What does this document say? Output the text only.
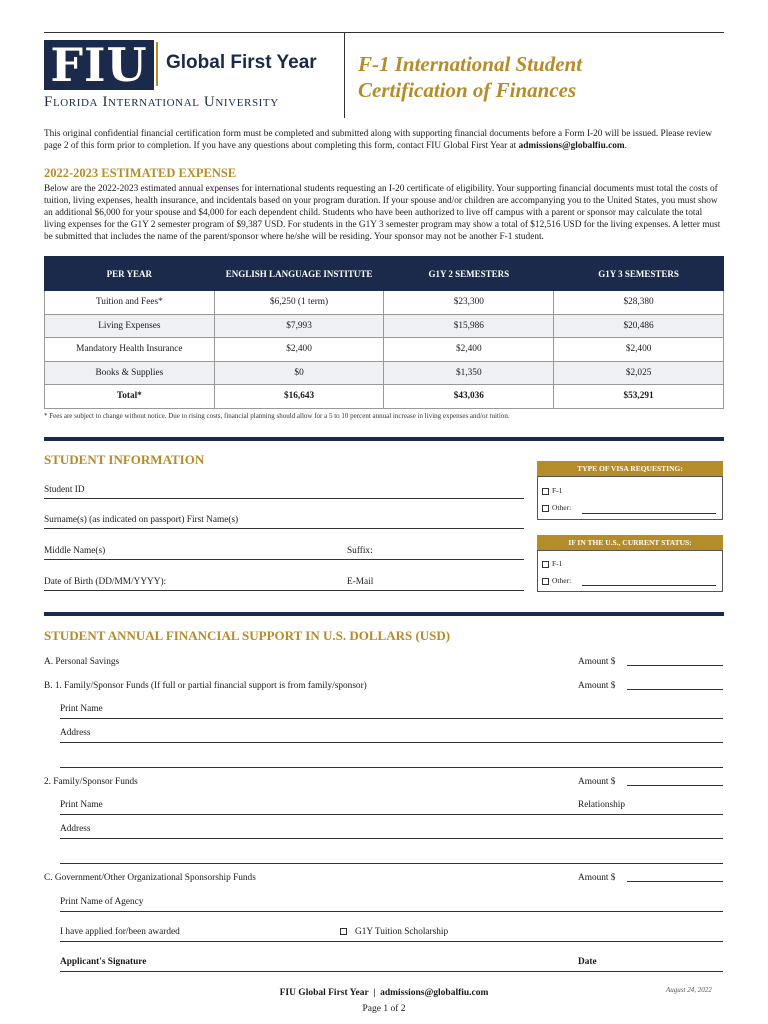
FIU Global First Year
Florida International University
F-1 International Student
Certification of Finances
This original confidential financial certification form must be completed and submitted along with supporting financial documents before a Form I-20 will be issued. Please review page 2 of this form prior to completion. If you have any questions about completing this form, contact FIU Global First Year at admissions@globalfiu.com.
2022-2023 ESTIMATED EXPENSE
Below are the 2022-2023 estimated annual expenses for international students requesting an I-20 certificate of eligibility. Your supporting financial documents must total the costs of tuition, living expenses, health insurance, and incidentals based on your program duration. If your spouse and/or children are accompanying you to the United States, you must show an additional $6,000 for your spouse and $4,000 for each dependent child. Students who have been authorized to live off campus with a parent or sponsor may calculate the total living expenses for the G1Y 2 semester program of $9,387 USD. For students in the G1Y 3 semester program may show a total of $12,516 USD for the living expenses. A letter must be submitted that includes the name of the parent/sponsor where he/she will be residing. Your sponsor may not be another F-1 student.
PER YEAR	ENGLISH LANGUAGE INSTITUTE	G1Y 2 SEMESTERS	G1Y 3 SEMESTERS
Tuition and Fees*	$6,250 (1 term)	$23,300	$28,380
Living Expenses	$7,993	$15,986	$20,486
Mandatory Health Insurance	$2,400	$2,400	$2,400
Books & Supplies	$0	$1,350	$2,025
Total*	$16,643	$43,036	$53,291
* Fees are subject to change without notice. Due to rising costs, financial planning should allow for a 5 to 10 percent annual increase in living expenses and/or tuition.
STUDENT INFORMATION
Student ID
Surname(s) (as indicated on passport) First Name(s)
Middle Name(s)	Suffix:
Date of Birth (DD/MM/YYYY):	E-Mail
TYPE OF VISA REQUESTING:
F-1
Other:
IF IN THE U.S., CURRENT STATUS:
F-1
Other:
STUDENT ANNUAL FINANCIAL SUPPORT IN U.S. DOLLARS (USD)
A. Personal Savings	Amount $
B. 1. Family/Sponsor Funds (If full or partial financial support is from family/sponsor)	Amount $
Print Name
Address
2. Family/Sponsor Funds	Amount $
Print Name	Relationship
Address
C. Government/Other Organizational Sponsorship Funds	Amount $
Print Name of Agency
I have applied for/been awarded	G1Y Tuition Scholarship
Applicant's Signature	Date
FIU Global First Year | admissions@globalfiu.com
Page 1 of 2
August 24, 2022
